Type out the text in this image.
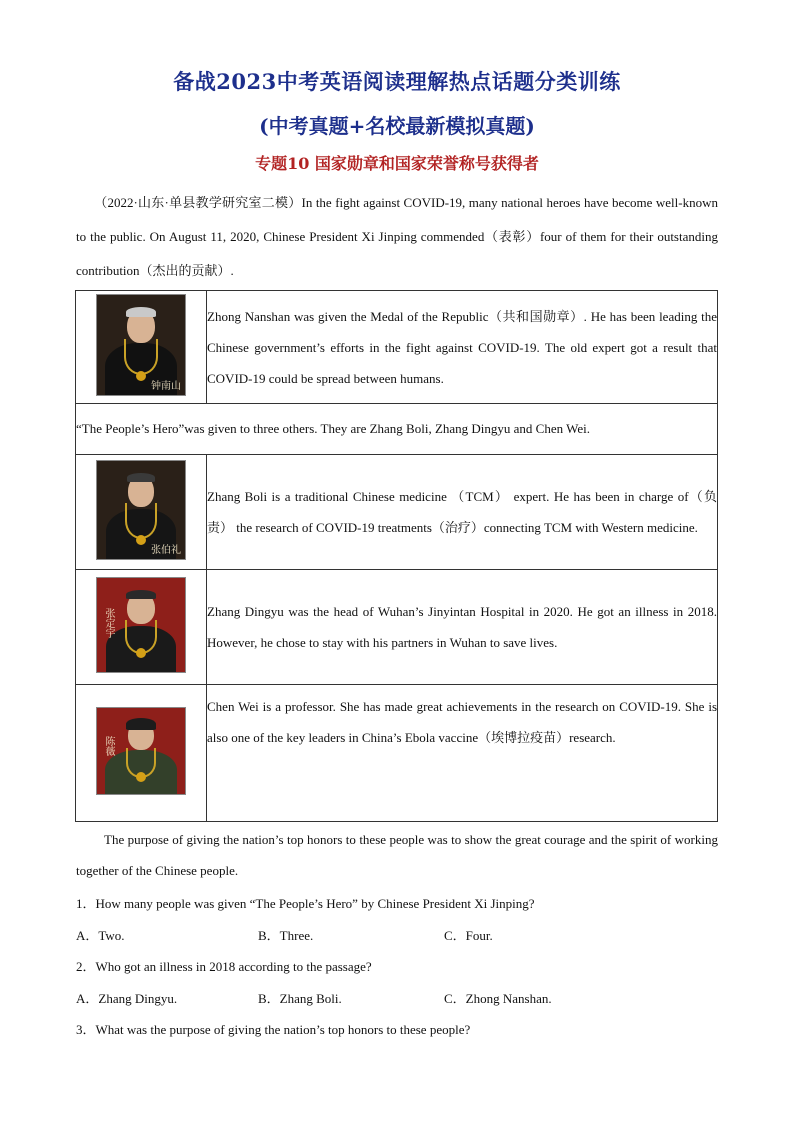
备战2023中考英语阅读理解热点话题分类训练
(中考真题+名校最新模拟真题)
专题10 国家勋章和国家荣誉称号获得者
（2022·山东·单县教学研究室二模）In the fight against COVID-19, many national heroes have become well-known to the public. On August 11, 2020, Chinese President Xi Jinping commended（表彰）four of them for their outstanding contribution（杰出的贡献）.
钟南山	Zhong Nanshan was given the Medal of the Republic（共和国勋章）. He has been leading the Chinese government’s efforts in the fight against COVID-19. The old expert got a result that COVID-19 could be spread between humans.
“The People’s Hero”was given to three others. They are Zhang Boli, Zhang Dingyu and Chen Wei.	

张伯礼	Zhang Boli is a traditional Chinese medicine （TCM） expert. He has been in charge of（负责） the research of COVID-19 treatments（治疗）connecting TCM with Western medicine.

张定宇	Zhang Dingyu was the head of Wuhan’s Jinyintan Hospital in 2020. He got an illness in 2018. However, he chose to stay with his partners in Wuhan to save lives.

陈薇	Chen Wei is a professor. She has made great achievements in the research on COVID-19. She is also one of the key leaders in China’s Ebola vaccine（埃博拉疫苗）research.
The purpose of giving the nation’s top honors to these people was to show the great courage and the spirit of working together of the Chinese people.
1．How many people was given “The People’s Hero” by Chinese President Xi Jinping?
A．Two.	B．Three.	C．Four.
2．Who got an illness in 2018 according to the passage?
A．Zhang Dingyu.	B．Zhang Boli.	C．Zhong Nanshan.
3．What was the purpose of giving the nation’s top honors to these people?
